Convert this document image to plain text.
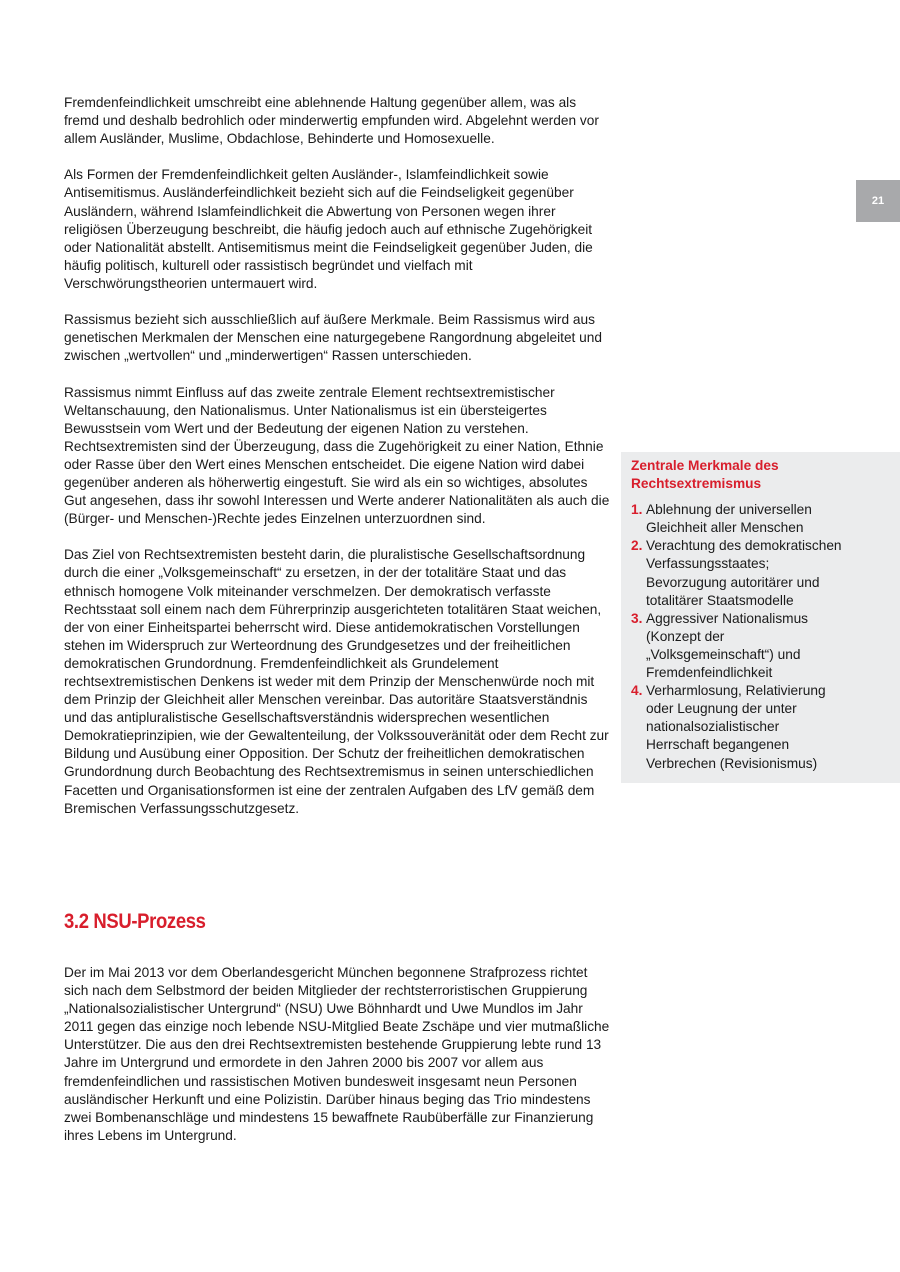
Fremdenfeindlichkeit umschreibt eine ablehnende Haltung gegenüber allem, was als fremd und deshalb bedrohlich oder minderwertig empfunden wird. Abgelehnt werden vor allem Ausländer, Muslime, Obdachlose, Behinderte und Homosexuelle.

Als Formen der Fremdenfeindlichkeit gelten Ausländer-, Islamfeindlichkeit sowie Antisemitismus. Ausländerfeindlichkeit bezieht sich auf die Feindseligkeit gegenüber Ausländern, während Islamfeindlichkeit die Abwertung von Personen wegen ihrer religiösen Überzeugung beschreibt, die häufig jedoch auch auf ethnische Zugehörigkeit oder Nationalität abstellt. Antisemitismus meint die Feindseligkeit gegenüber Juden, die häufig politisch, kulturell oder rassistisch begründet und vielfach mit Verschwörungstheorien untermauert wird.

Rassismus bezieht sich ausschließlich auf äußere Merkmale. Beim Rassismus wird aus genetischen Merkmalen der Menschen eine naturgegebene Rangordnung abgeleitet und zwischen „wertvollen“ und „minderwertigen“ Rassen unterschieden.

Rassismus nimmt Einfluss auf das zweite zentrale Element rechtsextremistischer Weltanschauung, den Nationalismus. Unter Nationalismus ist ein übersteigertes Bewusstsein vom Wert und der Bedeutung der eigenen Nation zu verstehen. Rechtsextremisten sind der Überzeugung, dass die Zugehörigkeit zu einer Nation, Ethnie oder Rasse über den Wert eines Menschen entscheidet. Die eigene Nation wird dabei gegenüber anderen als höherwertig eingestuft. Sie wird als ein so wichtiges, absolutes Gut angesehen, dass ihr sowohl Interessen und Werte anderer Nationalitäten als auch die (Bürger- und Menschen-)Rechte jedes Einzelnen unterzuordnen sind.

Das Ziel von Rechtsextremisten besteht darin, die pluralistische Gesellschaftsordnung durch die einer „Volksgemeinschaft“ zu ersetzen, in der der totalitäre Staat und das ethnisch homogene Volk miteinander verschmelzen. Der demokratisch verfasste Rechtsstaat soll einem nach dem Führerprinzip ausgerichteten totalitären Staat weichen, der von einer Einheitspartei beherrscht wird. Diese antidemokratischen Vorstellungen stehen im Widerspruch zur Werteordnung des Grundgesetzes und der freiheitlichen demokratischen Grundordnung. Fremdenfeindlichkeit als Grundelement rechtsextremistischen Denkens ist weder mit dem Prinzip der Menschenwürde noch mit dem Prinzip der Gleichheit aller Menschen vereinbar. Das autoritäre Staatsverständnis und das antipluralistische Gesellschaftsverständnis widersprechen wesentlichen Demokratieprinzipien, wie der Gewaltenteilung, der Volkssouveränität oder dem Recht zur Bildung und Ausübung einer Opposition. Der Schutz der freiheitlichen demokratischen Grundordnung durch Beobachtung des Rechtsextremismus in seinen unterschiedlichen Facetten und Organisationsformen ist eine der zentralen Aufgaben des LfV gemäß dem Bremischen Verfassungsschutzgesetz.

3.2 NSU-Prozess

Der im Mai 2013 vor dem Oberlandesgericht München begonnene Strafprozess richtet sich nach dem Selbstmord der beiden Mitglieder der rechtsterroristischen Gruppierung „Nationalsozialistischer Untergrund“ (NSU) Uwe Böhnhardt und Uwe Mundlos im Jahr 2011 gegen das einzige noch lebende NSU-Mitglied Beate Zschäpe und vier mutmaßliche Unterstützer. Die aus den drei Rechtsextremisten bestehende Gruppierung lebte rund 13 Jahre im Untergrund und ermordete in den Jahren 2000 bis 2007 vor allem aus fremdenfeindlichen und rassistischen Motiven bundesweit insgesamt neun Personen ausländischer Herkunft und eine Polizistin. Darüber hinaus beging das Trio mindestens zwei Bombenanschläge und mindestens 15 bewaffnete Raubüberfälle zur Finanzierung ihres Lebens im Untergrund.

21
Zentrale Merkmale des Rechtsextremismus
1. Ablehnung der universellen Gleichheit aller Menschen
2. Verachtung des demokratischen Verfassungsstaates; Bevorzugung autoritärer und totalitärer Staatsmodelle
3. Aggressiver Nationalismus (Konzept der „Volksgemeinschaft“) und Fremdenfeindlichkeit
4. Verharmlosung, Relativierung oder Leugnung der unter nationalsozialistischer Herrschaft begangenen Verbrechen (Revisionismus)
